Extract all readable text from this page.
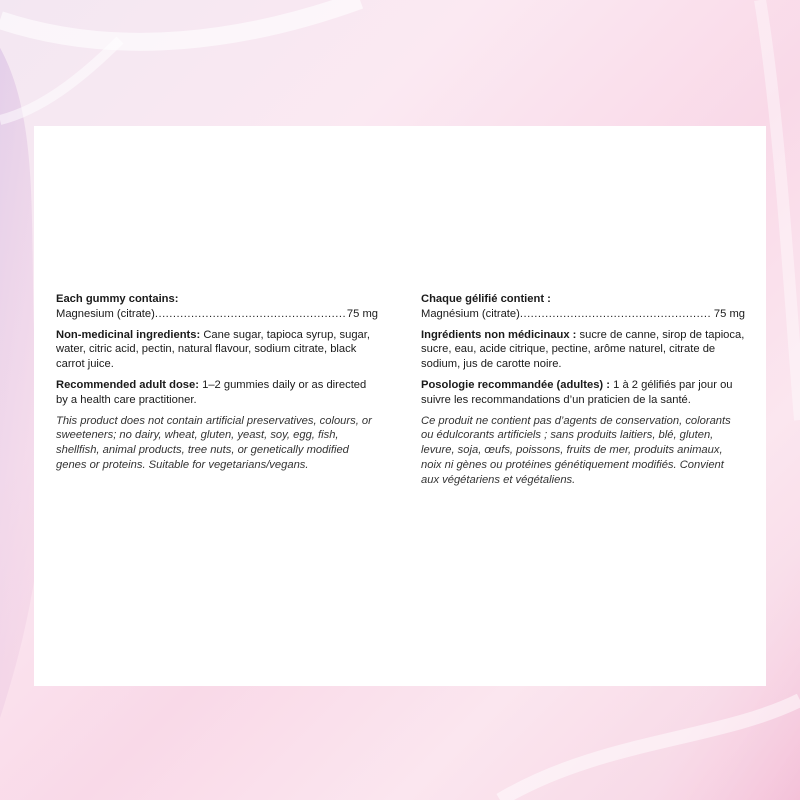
Each gummy contains:
Magnesium (citrate) .....	75 mg

Non-medicinal ingredients: Cane sugar, tapioca syrup, sugar, water, citric acid, pectin, natural flavour, sodium citrate, black carrot juice.

Recommended adult dose: 1–2 gummies daily or as directed by a health care practitioner.

This product does not contain artificial preservatives, colours, or sweeteners; no dairy, wheat, gluten, yeast, soy, egg, fish, shellfish, animal products, tree nuts, or genetically modified genes or proteins. Suitable for vegetarians/vegans.

Chaque gélifié contient :
Magnésium (citrate) .....	75 mg

Ingrédients non médicinaux : sucre de canne, sirop de tapioca, sucre, eau, acide citrique, pectine, arôme naturel, citrate de sodium, jus de carotte noire.

Posologie recommandée (adultes) : 1 à 2 gélifiés par jour ou suivre les recommandations d’un praticien de la santé.

Ce produit ne contient pas d’agents de conservation, colorants ou édulcorants artificiels ; sans produits laitiers, blé, gluten, levure, soja, œufs, poissons, fruits de mer, produits animaux, noix ni gènes ou protéines génétiquement modifiés. Convient aux végétariens et végétaliens.
